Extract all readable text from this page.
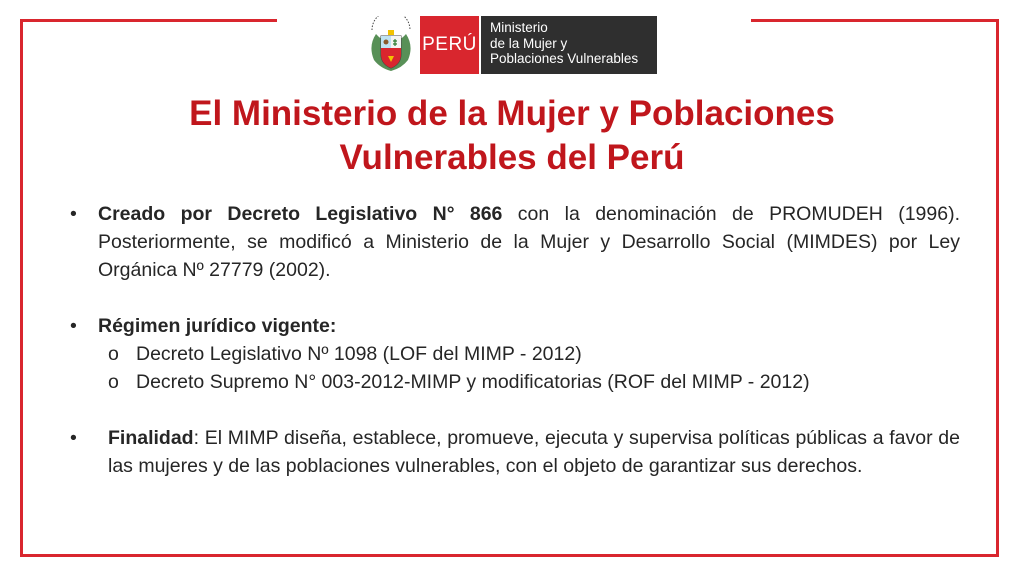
PERÚ
Ministerio
de la Mujer y
Poblaciones Vulnerables
El Ministerio de la Mujer y Poblaciones
Vulnerables del Perú
• Creado por Decreto Legislativo N° 866 con la denominación de PROMUDEH (1996). Posteriormente, se modificó a Ministerio de la Mujer y Desarrollo Social (MIMDES) por Ley Orgánica Nº 27779 (2002).
• Régimen jurídico vigente:
o Decreto Legislativo Nº 1098 (LOF del MIMP - 2012)
o Decreto Supremo N° 003-2012-MIMP y modificatorias (ROF del MIMP - 2012)
• Finalidad: El MIMP diseña, establece, promueve, ejecuta y supervisa políticas públicas a favor de las mujeres y de las poblaciones vulnerables, con el objeto de garantizar sus derechos.
